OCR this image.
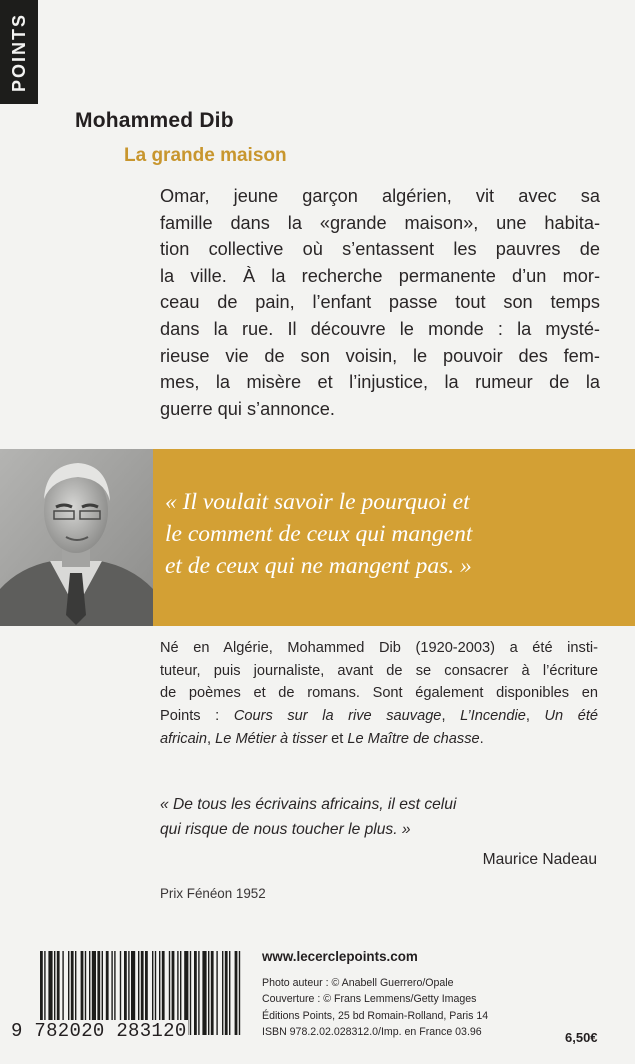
POINTS
Mohammed Dib
La grande maison
Omar, jeune garçon algérien, vit avec sa
famille dans la «grande maison», une habita-
tion collective où s’entassent les pauvres de
la ville. À la recherche permanente d’un mor-
ceau de pain, l’enfant passe tout son temps
dans la rue. Il découvre le monde : la mysté-
rieuse vie de son voisin, le pouvoir des fem-
mes, la misère et l’injustice, la rumeur de la
guerre qui s’annonce.
« Il voulait savoir le pourquoi et
le comment de ceux qui mangent
et de ceux qui ne mangent pas. »
Né en Algérie, Mohammed Dib (1920-2003) a été insti-
tuteur, puis journaliste, avant de se consacrer à l’écriture
de poèmes et de romans. Sont également disponibles en
Points : Cours sur la rive sauvage, L’Incendie, Un été
africain, Le Métier à tisser et Le Maître de chasse.
« De tous les écrivains africains, il est celui
qui risque de nous toucher le plus. »
Maurice Nadeau
Prix Fénéon 1952
9 782020 283120
www.lecerclepoints.com
Photo auteur : © Anabell Guerrero/Opale
Couverture : © Frans Lemmens/Getty Images
Éditions Points, 25 bd Romain-Rolland, Paris 14
ISBN 978.2.02.028312.0/Imp. en France 03.96	6,50€
